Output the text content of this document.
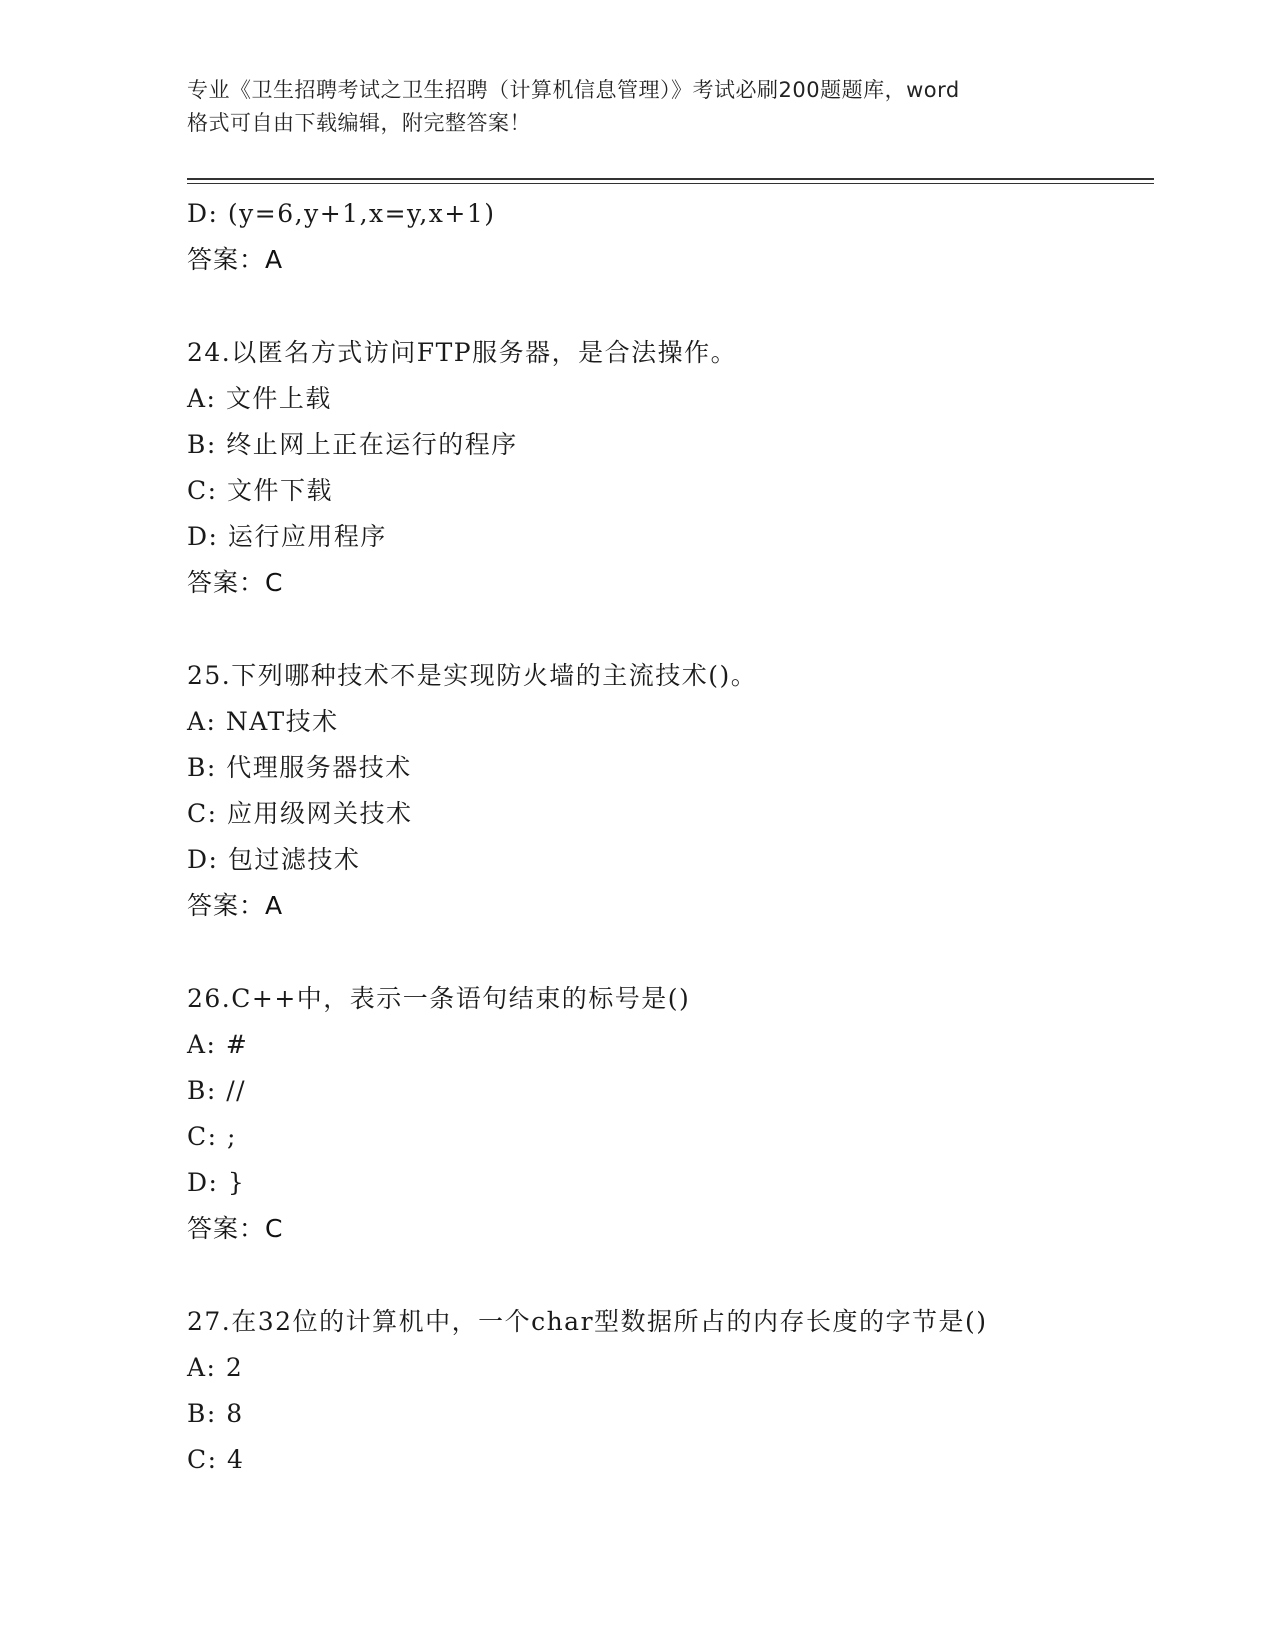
专业《卫生招聘考试之卫生招聘（计算机信息管理）》考试必刷200题题库，word
格式可自由下载编辑，附完整答案！
D: (y=6,y+1,x=y,x+1)
答案：A
24.以匿名方式访问FTP服务器，是合法操作。
A: 文件上载
B: 终止网上正在运行的程序
C: 文件下载
D: 运行应用程序
答案：C
25.下列哪种技术不是实现防火墙的主流技术()。
A: NAT技术
B: 代理服务器技术
C: 应用级网关技术
D: 包过滤技术
答案：A
26.C++中，表示一条语句结束的标号是()
A: #
B: //
C: ;
D: }
答案：C
27.在32位的计算机中，一个char型数据所占的内存长度的字节是()
A: 2
B: 8
C: 4
